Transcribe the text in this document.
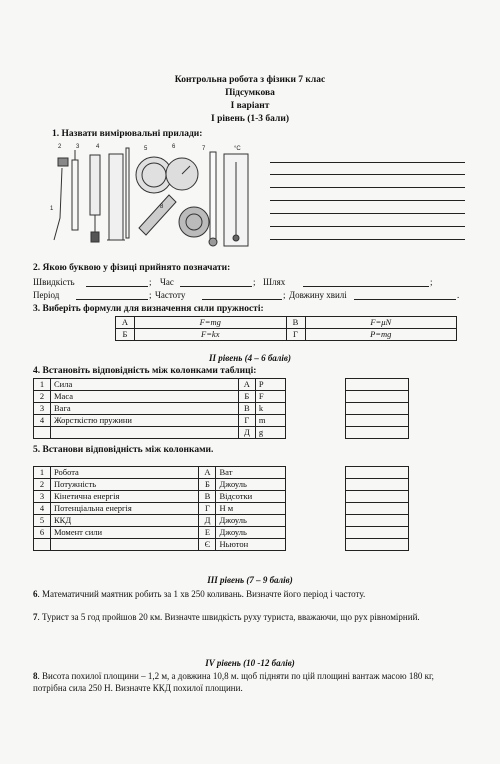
Контрольна робота з фізики 7 клас
Підсумкова
І варіант
І рівень (1-3 бали)
1. Назвати вимірювальні прилади:
2 3	4	5	6	7
8
1
°С
2. Якою буквою у фізиці прийнято позначати:
Швидкість	; Час	; Шлях	;
Період	; Частоту	; Довжину хвилі	.
3. Виберіть формули для визначення сили пружності:
А	F=mg	В	F=μN
Б	F=kx	Г	P=mg
ІІ рівень (4 – 6 балів)
4. Встановіть відповідність між колонками таблиці:
1	Сила	А	Р
2	Маса	Б	F
3	Вага	В	k
4	Жорсткістю пружини	Г	m
		Д	g

5. Встанови відповідність між колонками.
1	Робота	А	Ват
2	Потужність	Б	Джоуль
3	Кінетична енергія	В	Відсотки
4	Потенціальна енергія	Г	Н м
5	ККД	Д	Джоуль
6	Момент сили	Е	Джоуль
		Є	Ньютон

ІІІ рівень (7 – 9 балів)
6. Математичний маятник робить за 1 хв 250 коливань. Визначте його період і частоту.
7. Турист за 5 год пройшов 20 км. Визначте швидкість руху туриста, вважаючи, що рух рівномірний.
ІV рівень (10 -12 балів)
8. Висота похилої площини – 1,2 м, а довжина 10,8 м. щоб підняти по цій площині вантаж масою 180 кг, потрібна сила 250 Н. Визначте ККД похилої площини.
